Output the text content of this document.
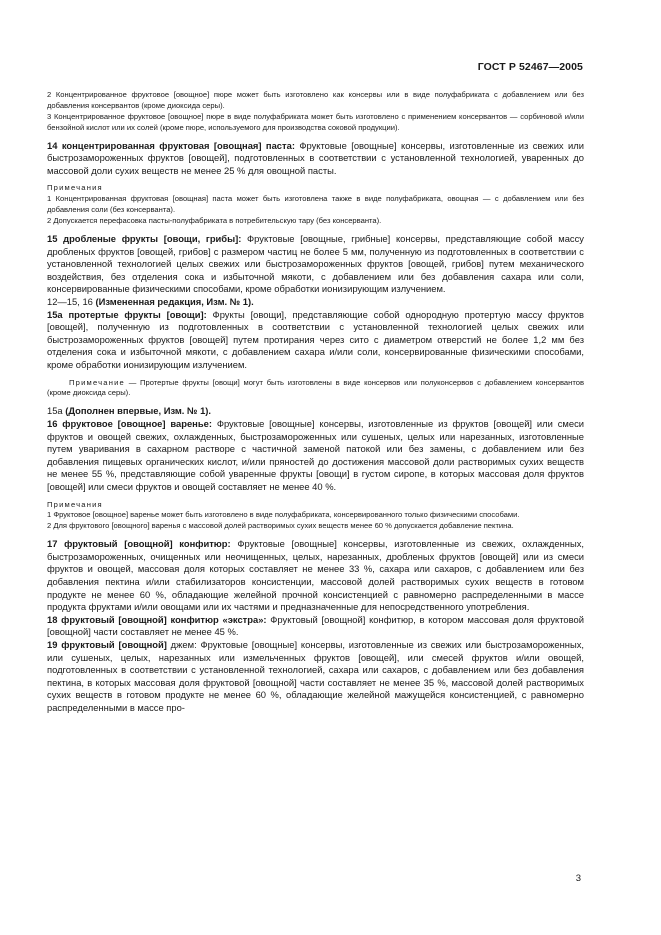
ГОСТ Р 52467—2005

2 Концентрированное фруктовое [овощное] пюре может быть изготовлено как консервы или в виде полуфабриката с добавлением или без добавления консервантов (кроме диоксида серы).

3 Концентрированное фруктовое [овощное] пюре в виде полуфабриката может быть изготовлено с применением консервантов — сорбиновой и/или бензойной кислот или их солей (кроме пюре, используемого для производства соковой продукции).

14 концентрированная фруктовая [овощная] паста: Фруктовые [овощные] консервы, изготовленные из свежих или быстрозамороженных фруктов [овощей], подготовленных в соответствии с установленной технологией, уваренных до массовой доли сухих веществ не менее 25 % для овощной пасты.

Примечания

1 Концентрированная фруктовая [овощная] паста может быть изготовлена также в виде полуфабриката, овощная — с добавлением или без добавления соли (без консерванта).

2 Допускается перефасовка пасты-полуфабриката в потребительскую тару (без консерванта).

15 дробленые фрукты [овощи, грибы]: Фруктовые [овощные, грибные] консервы, представляющие собой массу дробленых фруктов [овощей, грибов] с размером частиц не более 5 мм, полученную из подготовленных в соответствии с установленной технологией целых свежих или быстрозамороженных фруктов [овощей, грибов] путем механического воздействия, без отделения сока и избыточной мякоти, с добавлением или без добавления сахара или соли, консервированные физическими способами, кроме обработки ионизирующим излучением.

12—15, 16 (Измененная редакция, Изм. № 1).

15а протертые фрукты [овощи]: Фрукты [овощи], представляющие собой однородную протертую массу фруктов [овощей], полученную из подготовленных в соответствии с установленной технологией целых свежих или быстрозамороженных фруктов [овощей] путем протирания через сито с диаметром отверстий не более 1,2 мм без отделения сока и избыточной мякоти, с добавлением сахара и/или соли, консервированные физическими способами, кроме обработки ионизирующим излучением.

Примечание — Протертые фрукты [овощи] могут быть изготовлены в виде консервов или полуконсервов с добавлением консервантов (кроме диоксида серы).

15а (Дополнен впервые, Изм. № 1).

16 фруктовое [овощное] варенье: Фруктовые [овощные] консервы, изготовленные из фруктов [овощей] или смеси фруктов и овощей свежих, охлажденных, быстрозамороженных или сушеных, целых или нарезанных, изготовленные путем уваривания в сахарном растворе с частичной заменой патокой или без замены, с добавлением или без добавления пищевых органических кислот, и/или пряностей до достижения массовой доли растворимых сухих веществ не менее 55 %, представляющие собой уваренные фрукты [овощи] в густом сиропе, в которых массовая доля фруктов [овощей] или смеси фруктов и овощей составляет не менее 40 %.

Примечания

1 Фруктовое [овощное] варенье может быть изготовлено в виде полуфабриката, консервированного только физическими способами.

2 Для фруктового [овощного] варенья с массовой долей растворимых сухих веществ менее 60 % допускается добавление пектина.

17 фруктовый [овощной] конфитюр: Фруктовые [овощные] консервы, изготовленные из свежих, охлажденных, быстрозамороженных, очищенных или неочищенных, целых, нарезанных, дробленых фруктов [овощей] или из смеси фруктов и овощей, массовая доля которых составляет не менее 33 %, сахара или сахаров, с добавлением или без добавления пектина и/или стабилизаторов консистенции, массовой долей растворимых сухих веществ в готовом продукте не менее 60 %, обладающие желейной прочной консистенцией с равномерно распределенными в массе продукта фруктами и/или овощами или их частями и предназначенные для непосредственного употребления.

18 фруктовый [овощной] конфитюр «экстра»: Фруктовый [овощной] конфитюр, в котором массовая доля фруктовой [овощной] части составляет не менее 45 %.

19 фруктовый [овощной] джем: Фруктовые [овощные] консервы, изготовленные из свежих или быстрозамороженных, или сушеных, целых, нарезанных или измельченных фруктов [овощей], или смесей фруктов и/или овощей, подготовленных в соответствии с установленной технологией, сахара или сахаров, с добавлением или без добавления пектина, в которых массовая доля фруктовой [овощной] части составляет не менее 35 %, массовой долей растворимых сухих веществ в готовом продукте не менее 60 %, обладающие желейной мажущейся консистенцией, с равномерно распределенными в массе про-

3
